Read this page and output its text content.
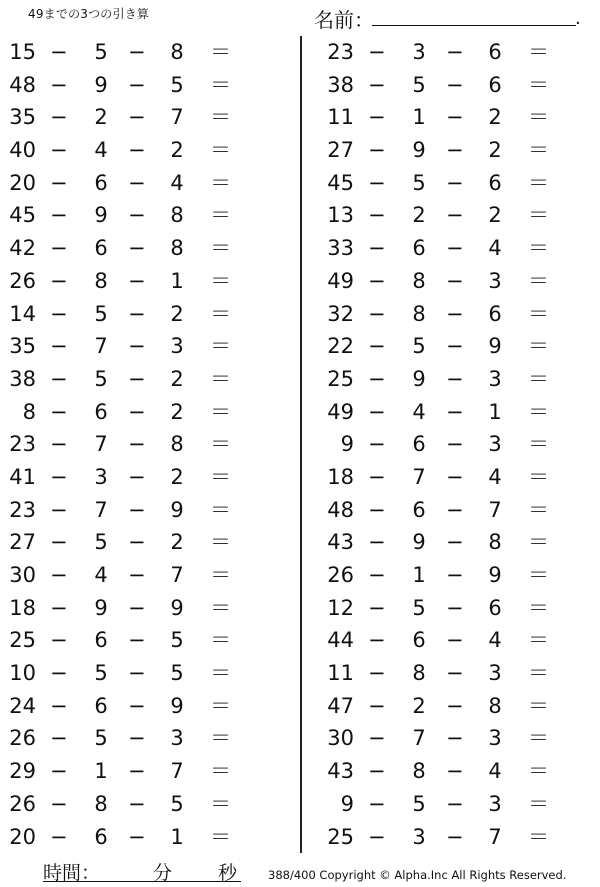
49までの3つの引き算	名前：	.
15 − 5 − 8 ＝
48 − 9 − 5 ＝
35 − 2 − 7 ＝
40 − 4 − 2 ＝
20 − 6 − 4 ＝
45 − 9 − 8 ＝
42 − 6 − 8 ＝
26 − 8 − 1 ＝
14 − 5 − 2 ＝
35 − 7 − 3 ＝
38 − 5 − 2 ＝
8 − 6 − 2 ＝
23 − 7 − 8 ＝
41 − 3 − 2 ＝
23 − 7 − 9 ＝
27 − 5 − 2 ＝
30 − 4 − 7 ＝
18 − 9 − 9 ＝
25 − 6 − 5 ＝
10 − 5 − 5 ＝
24 − 6 − 9 ＝
26 − 5 − 3 ＝
29 − 1 − 7 ＝
26 − 8 − 5 ＝
20 − 6 − 1 ＝
23 − 3 − 6 ＝
38 − 5 − 6 ＝
11 − 1 − 2 ＝
27 − 9 − 2 ＝
45 − 5 − 6 ＝
13 − 2 − 2 ＝
33 − 6 − 4 ＝
49 − 8 − 3 ＝
32 − 8 − 6 ＝
22 − 5 − 9 ＝
25 − 9 − 3 ＝
49 − 4 − 1 ＝
9 − 6 − 3 ＝
18 − 7 − 4 ＝
48 − 6 − 7 ＝
43 − 9 − 8 ＝
26 − 1 − 9 ＝
12 − 5 − 6 ＝
44 − 6 − 4 ＝
11 − 8 − 3 ＝
47 − 2 − 8 ＝
30 − 7 − 3 ＝
43 − 8 − 4 ＝
9 − 5 − 3 ＝
25 − 3 − 7 ＝
時間：	分 秒	388/400 Copyright © Alpha.Inc All Rights Reserved.
